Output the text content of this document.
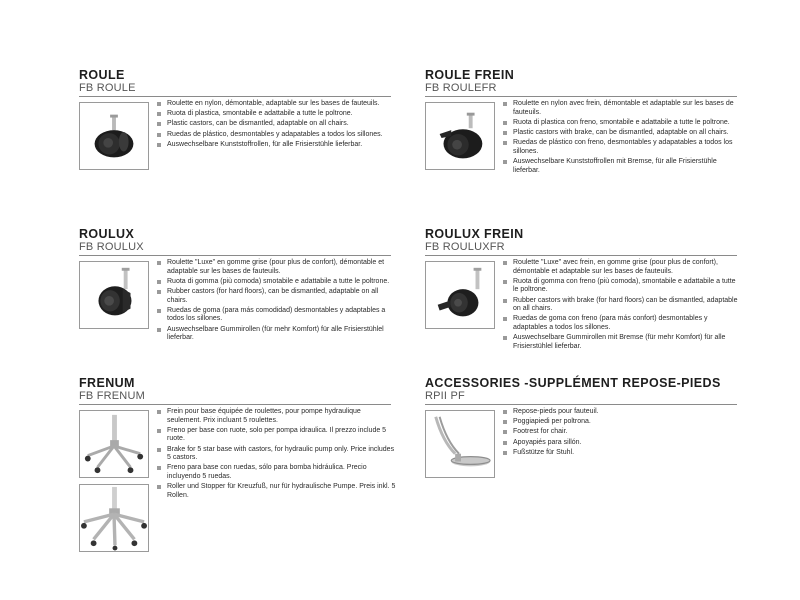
ROULE
FB ROULE
Roulette en nylon, démontable, adaptable sur les bases de fauteuils.
Ruota di plastica, smontabile e adattabile a tutte le poltrone.
Plastic castors, can be dismantled, adaptable on all chairs.
Ruedas de plástico, desmontables y adapatables a todos los sillones.
Auswechselbare Kunststoffrollen, für alle Frisierstühle lieferbar.
ROULE FREIN
FB ROULEFR
Roulette en nylon avec frein, démontable et adaptable sur les bases de fauteuils.
Ruota di plastica con freno, smontabile e adattabile a tutte le poltrone.
Plastic castors with brake, can be dismantled, adaptable on all chairs.
Ruedas de plástico con freno, desmontables y adapatables a todos los sillones.
Auswechselbare Kunststoffrollen mit Bremse, für alle Frisierstühle lieferbar.
ROULUX
FB ROULUX
Roulette "Luxe" en gomme grise (pour plus de confort), démontable et adaptable sur les bases de fauteuils.
Ruota di gomma (più comoda) smotabile e adattabile a tutte le poltrone.
Rubber castors (for hard floors), can be dismantled, adaptable on all chairs.
Ruedas de goma (para más comodidad) desmontables y adaptables a todos los sillones.
Auswechselbare Gummirollen (für mehr Komfort) für alle Frisierstühlel lieferbar.
ROULUX FREIN
FB ROULUXFR
Roulette "Luxe" avec frein, en gomme grise (pour plus de confort), démontable et adaptable sur les bases de fauteuils.
Ruota di gomma con freno (più comoda), smontabile e adattabile a tutte le poltrone.
Rubber castors with brake (for hard floors) can be dismantled, adaptable on all chairs.
Ruedas de goma con freno (para más confort) desmontables y adaptables a todos los sillones.
Auswechselbare Gummirollen mit Bremse (für mehr Komfort) für alle Frisierstühlel lieferbar.
FRENUM
FB FRENUM
Frein pour base équipée de roulettes, pour pompe hydraulique seulement. Prix incluant 5 roulettes.
Freno per base con ruote, solo per pompa idraulica. Il prezzo include 5 ruote.
Brake for 5 star base with castors, for hydraulic pump only. Price includes 5 castors.
Freno para base con ruedas, sólo para bomba hidráulica. Precio incluyendo 5 ruedas.
Roller und Stopper für Kreuzfuß, nur für hydraulische Pumpe. Preis inkl. 5 Rollen.
ACCESSORIES -SUPPLÉMENT REPOSE-PIEDS
RPII PF
Repose-pieds pour fauteuil.
Poggiapiedi per poltrona.
Footrest for chair.
Apoyapiés para sillón.
Fußstütze für Stuhl.
